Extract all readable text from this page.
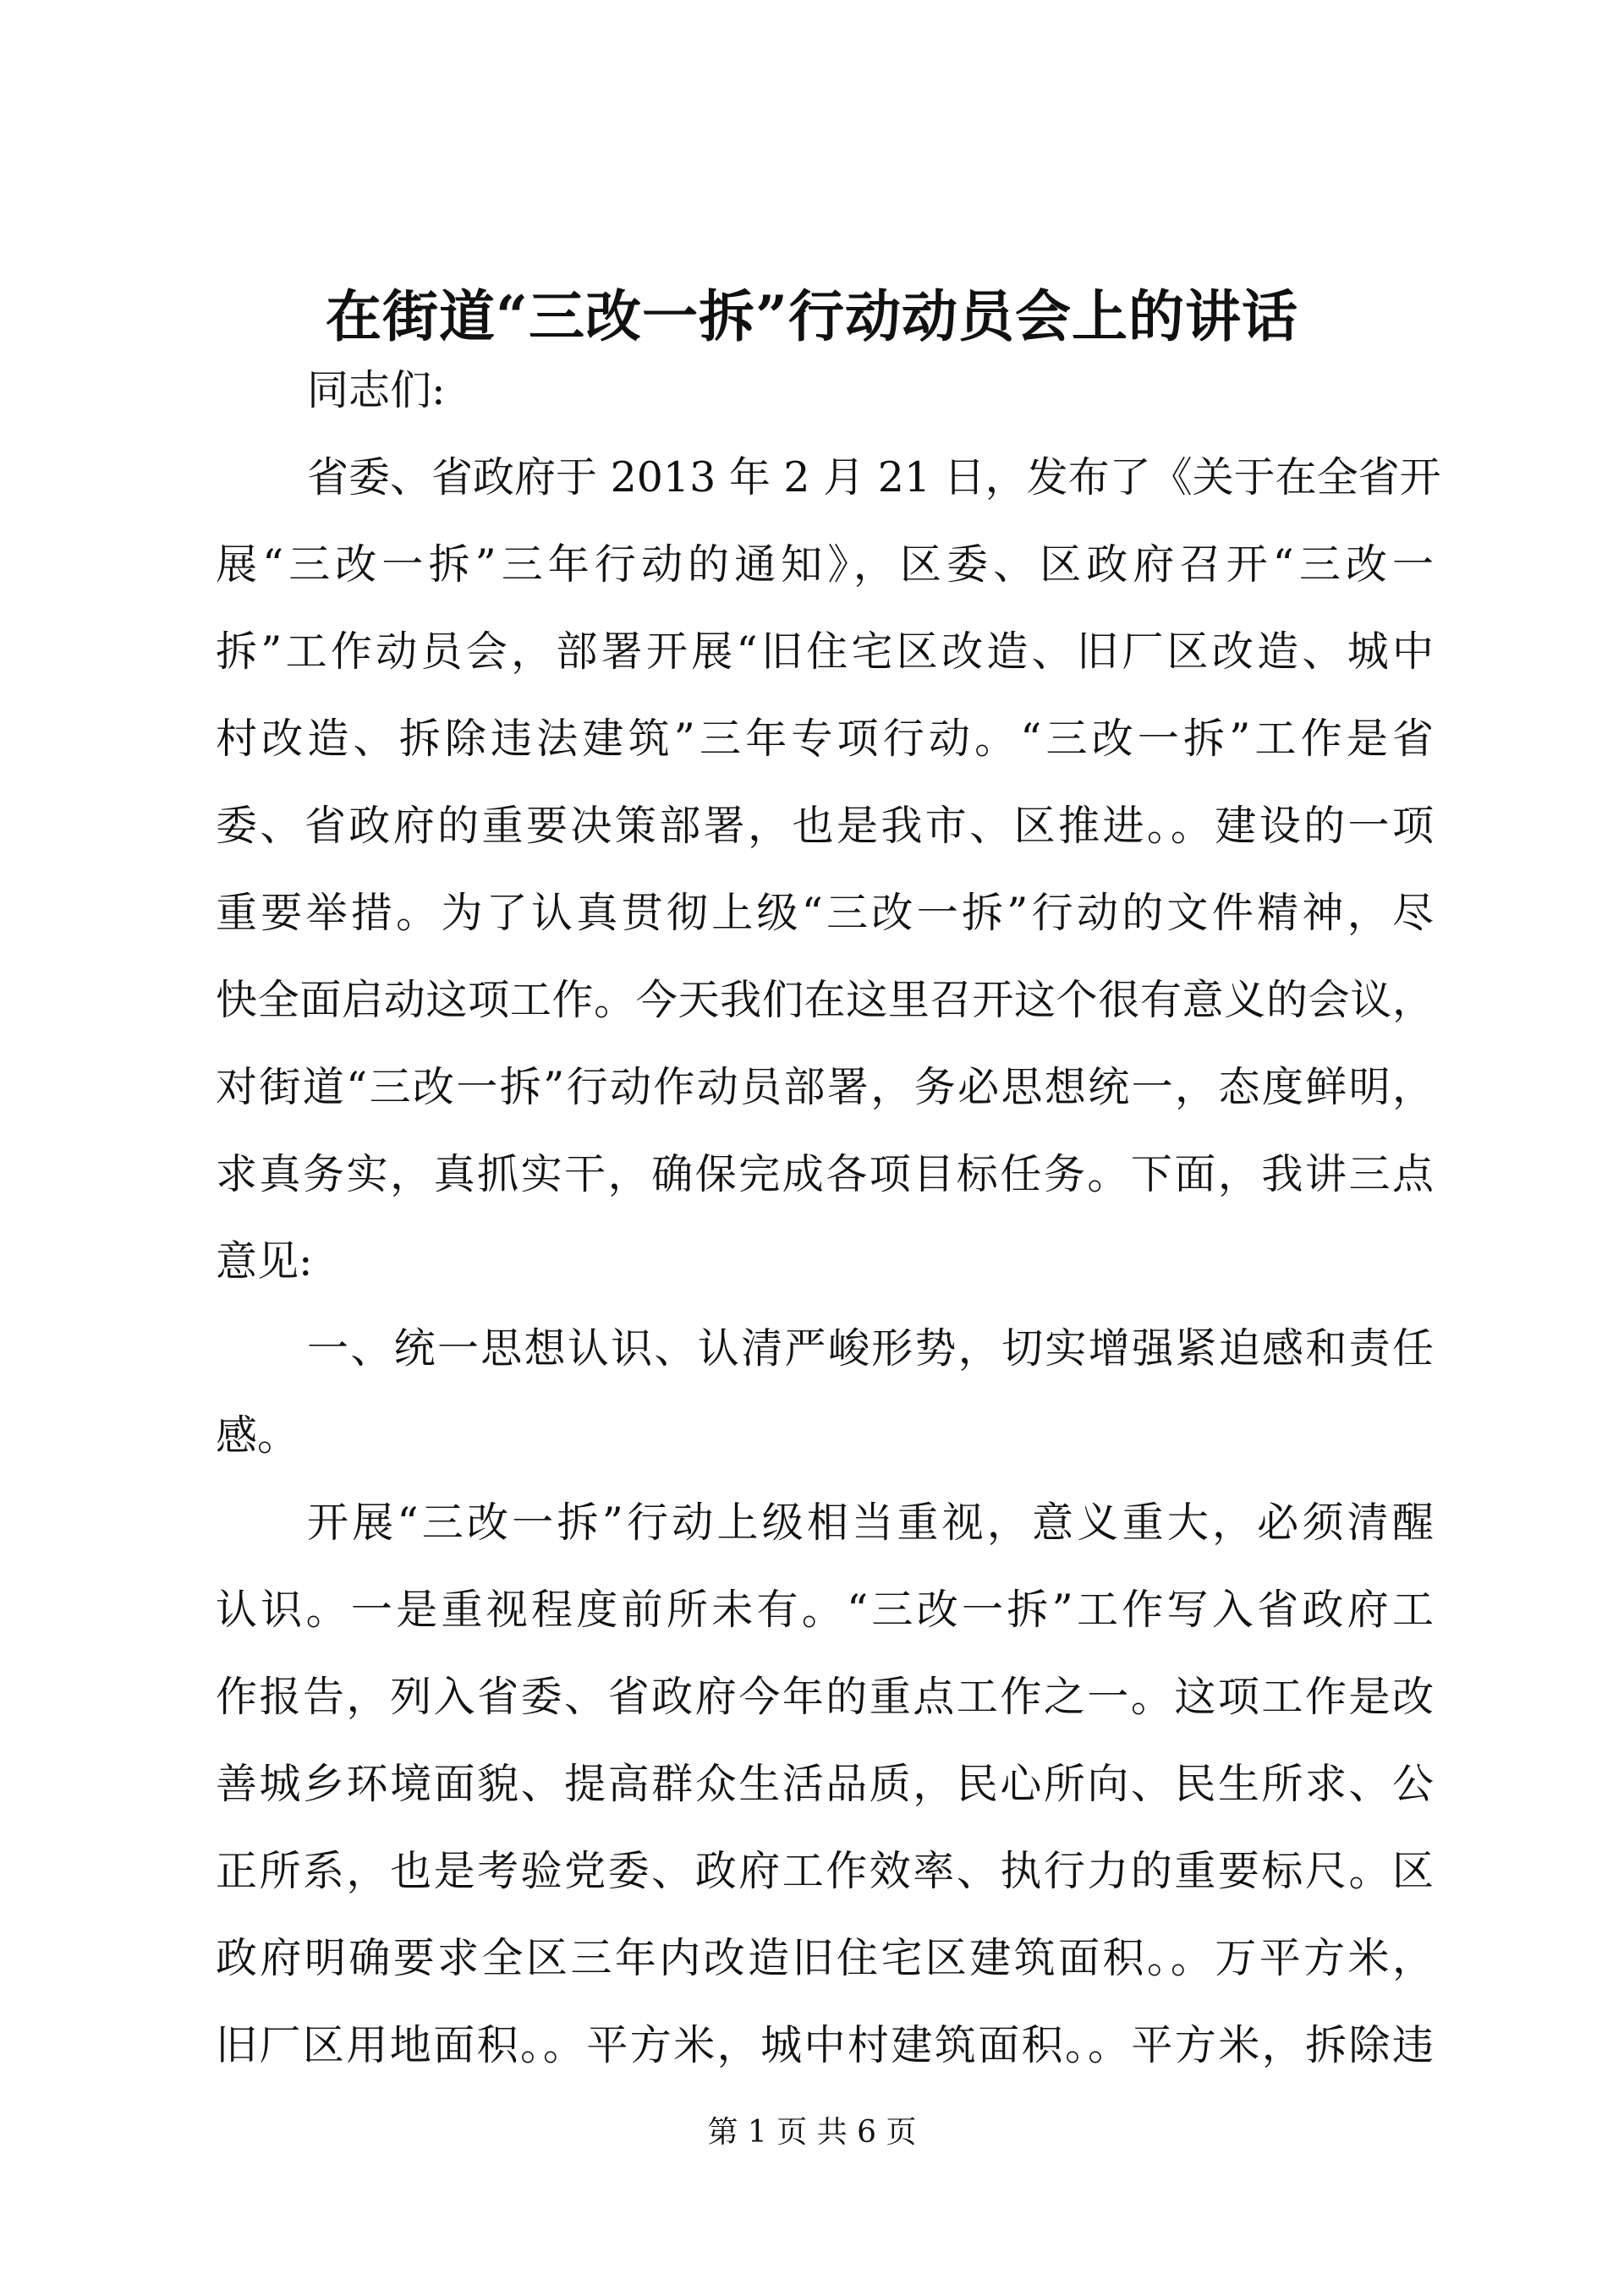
在街道“三改一拆”行动动员会上的讲话
同志们:
省委、省政府于 2013 年 2 月 21 日，发布了《关于在全省开
展“三改一拆”三年行动的通知》，区委、区政府召开“三改一
拆”工作动员会，部署开展“旧住宅区改造、旧厂区改造、城中
村改造、拆除违法建筑”三年专项行动。“三改一拆”工作是省
委、省政府的重要决策部署，也是我市、区推进。。建设的一项
重要举措。为了认真贯彻上级“三改一拆”行动的文件精神，尽
快全面启动这项工作。今天我们在这里召开这个很有意义的会议，
对街道“三改一拆”行动作动员部署，务必思想统一，态度鲜明，
求真务实，真抓实干，确保完成各项目标任务。下面，我讲三点
意见:
一、统一思想认识、认清严峻形势，切实增强紧迫感和责任
感。
开展“三改一拆”行动上级相当重视，意义重大，必须清醒
认识。一是重视程度前所未有。“三改一拆”工作写入省政府工
作报告，列入省委、省政府今年的重点工作之一。这项工作是改
善城乡环境面貌、提高群众生活品质，民心所向、民生所求、公
正所系，也是考验党委、政府工作效率、执行力的重要标尺。区
政府明确要求全区三年内改造旧住宅区建筑面积。。万平方米，
旧厂区用地面积。。平方米，城中村建筑面积。。平方米，拆除违
第 1 页 共 6 页
